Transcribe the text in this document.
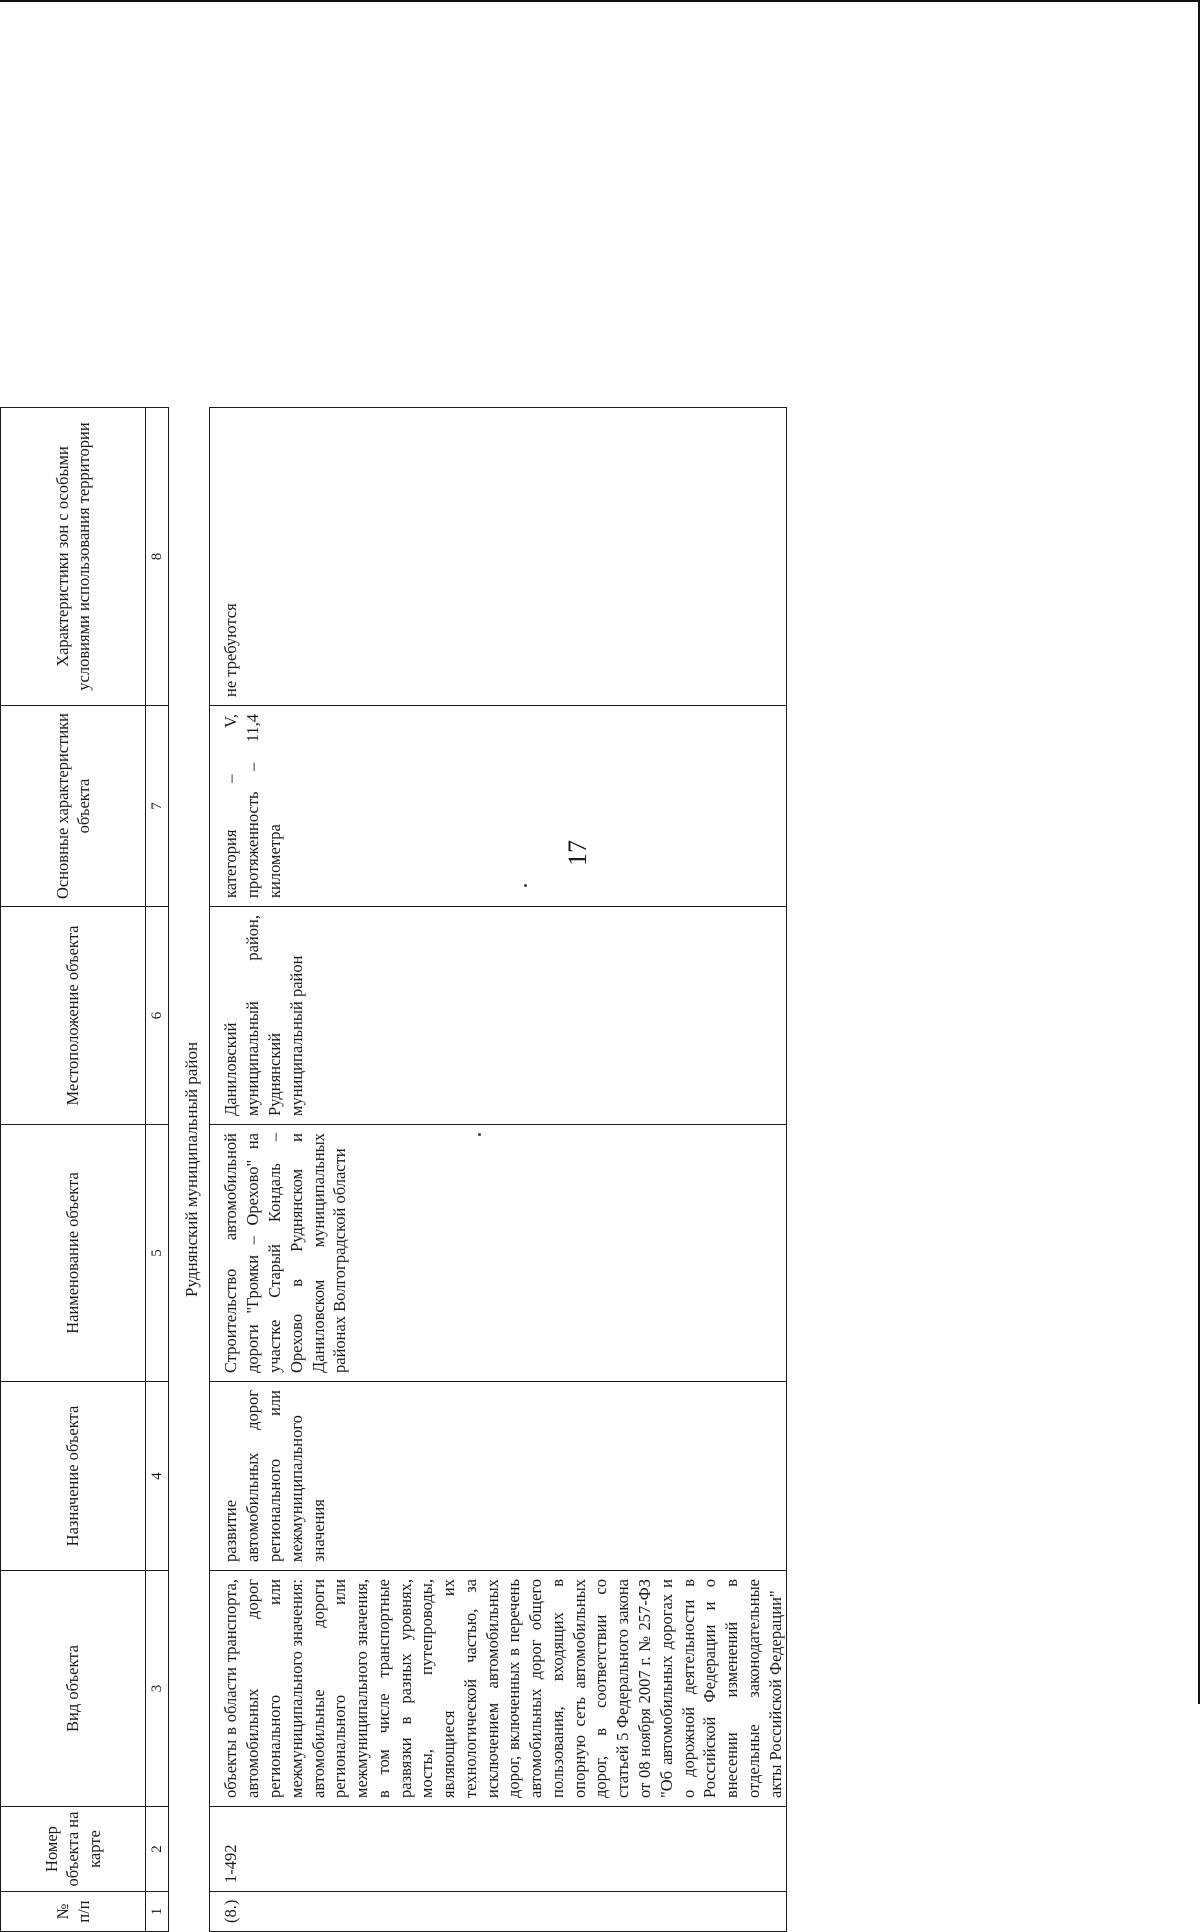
17
№ п/п	Номер объекта на карте	Вид объекта	Назначение объекта	Наименование объекта	Местоположение объекта	Основные характеристики объекта	Характеристики зон с особыми условиями использования территории
1	2	3	4	5	6	7	8
Руднянский муниципальный район							
(8.)	1-492	объекты в области транспорта, автомобильных дорог регионального или межмуниципального значения: автомобильные дороги регионального или межмуниципального значения, в том числе транспортные развязки в разных уровнях, мосты, путепроводы, являющиеся их технологической частью, за исключением автомобильных дорог, включенных в перечень автомобильных дорог общего пользования, входящих в опорную сеть автомобильных дорог, в соответствии со статьей 5 Федерального закона от 08 ноября 2007 г. № 257-ФЗ "Об автомобильных дорогах и о дорожной деятельности в Российской Федерации и о внесении изменений в отдельные законодательные акты Российской Федерации"	развитие автомобильных дорог регионального или межмуниципального значения	Строительство автомобильной дороги "Громки – Орехово" на участке Старый Кондаль – Орехово в Руднянском и Даниловском муниципальных районах Волгоградской области	Даниловский муниципальный район, Руднянский муниципальный район	категория – V, протяженность – 11,4 километра	не требуются
